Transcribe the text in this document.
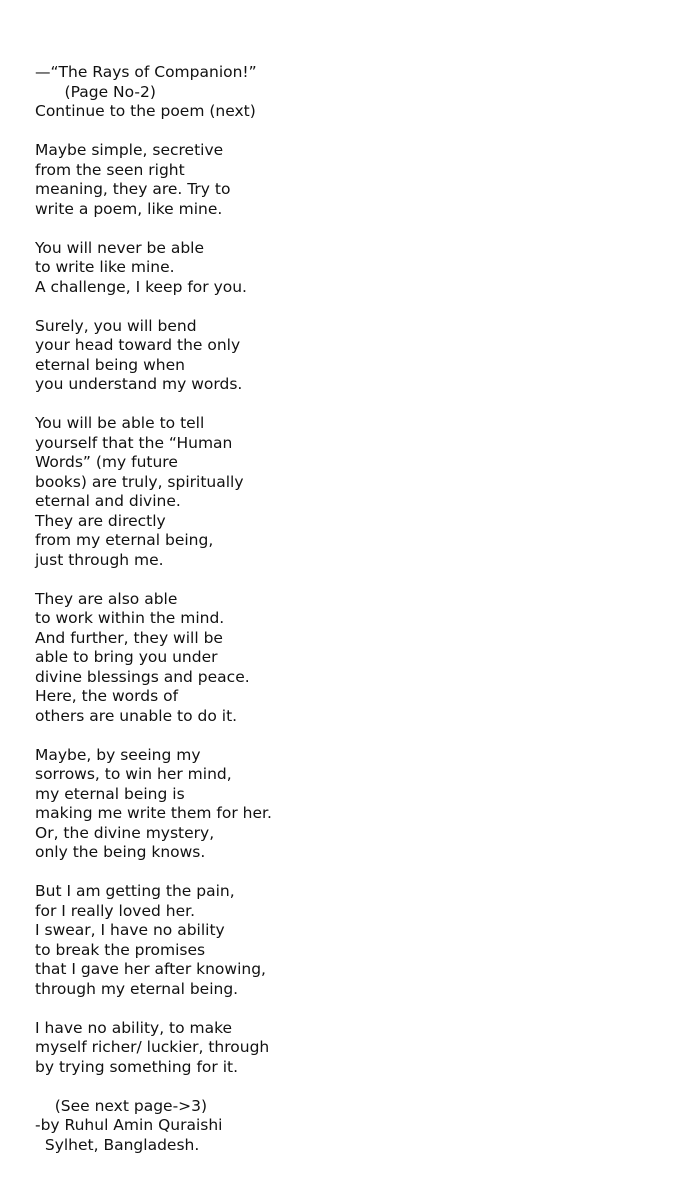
—“The Rays of Companion!”
(Page No-2)
Continue to the poem (next)
Maybe simple, secretive
from the seen right
meaning, they are. Try to
write a poem, like mine.
You will never be able
to write like mine.
A challenge, I keep for you.
Surely, you will bend
your head toward the only
eternal being when
you understand my words.
You will be able to tell
yourself that the “Human
Words” (my future
books) are truly, spiritually
eternal and divine.
They are directly
from my eternal being,
just through me.
They are also able
to work within the mind.
And further, they will be
able to bring you under
divine blessings and peace.
Here, the words of
others are unable to do it.
Maybe, by seeing my
sorrows, to win her mind,
my eternal being is
making me write them for her.
Or, the divine mystery,
only the being knows.
But I am getting the pain,
for I really loved her.
I swear, I have no ability
to break the promises
that I gave her after knowing,
through my eternal being.
I have no ability, to make
myself richer/ luckier, through
by trying something for it.
(See next page->3)
-by Ruhul Amin Quraishi
Sylhet, Bangladesh.
